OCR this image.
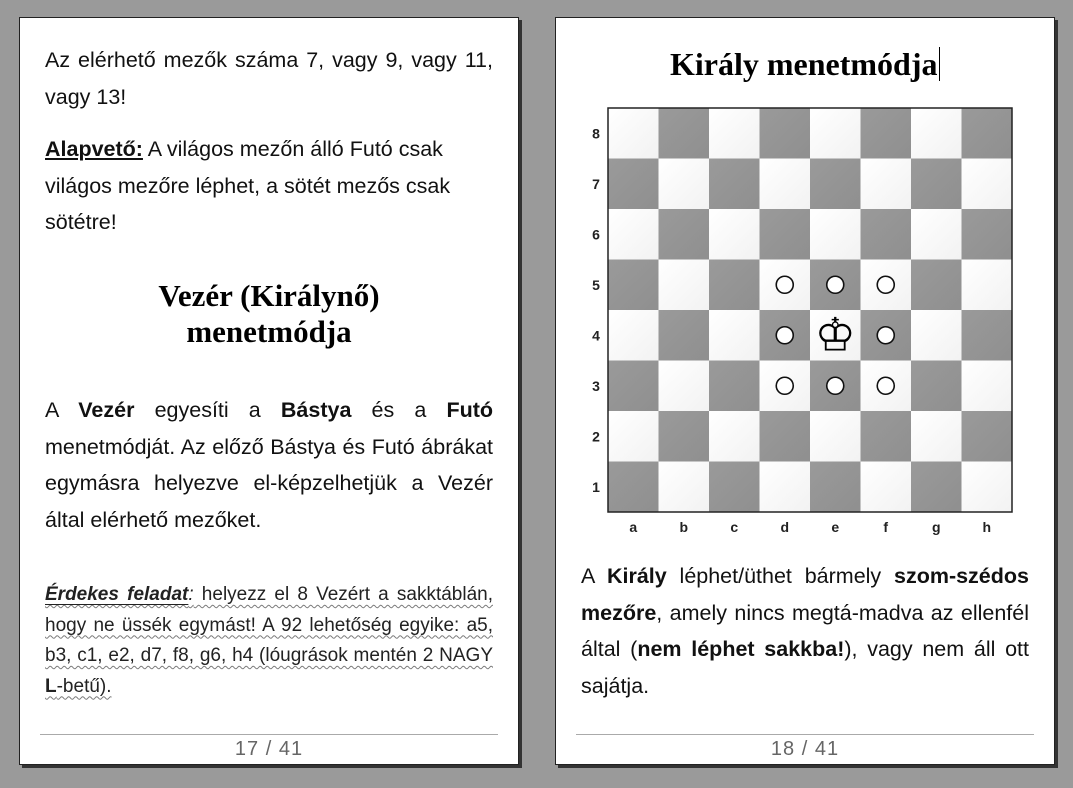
Az elérhető mezők száma 7, vagy 9, vagy 11, vagy 13!

Alapvető: A világos mezőn álló Futó csak világos mezőre léphet, a sötét mezős csak sötétre!

Vezér (Királynő)
menetmódja

A Vezér egyesíti a Bástya és a Futó menetmódját. Az előző Bástya és Futó ábrákat egymásra helyezve el-képzelhetjük a Vezér által elérhető mezőket.

Érdekes feladat: helyezz el 8 Vezért a sakktáblán, hogy ne üssék egymást! A 92 lehetőség egyike: a5, b3, c1, e2, d7, f8, g6, h4 (lóugrások mentén 2 NAGY L-betű).

17 / 41
Király menetmódja
8
7
6
5
4
3
2
1
a	b	c	d	e	f	g	h
♔

A Király léphet/üthet bármely szom-szédos mezőre, amely nincs megtá-madva az ellenfél által (nem léphet sakkba!), vagy nem áll ott sajátja.

18 / 41
